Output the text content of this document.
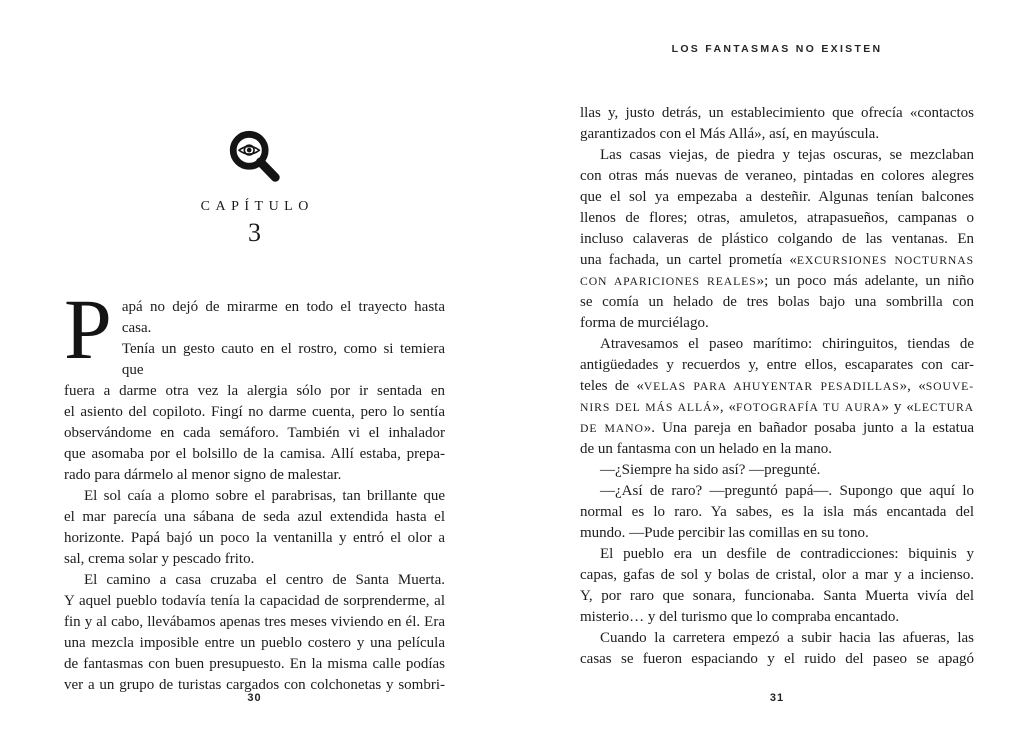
LOS FANTASMAS NO EXISTEN
CAPÍTULO
3
P apá no dejó de mirarme en todo el trayecto hasta casa.
Tenía un gesto cauto en el rostro, como si temiera que
fuera a darme otra vez la alergia sólo por ir sentada en
el asiento del copiloto. Fingí no darme cuenta, pero lo sentía
observándome en cada semáforo. También vi el inhalador
que asomaba por el bolsillo de la camisa. Allí estaba, prepa-
rado para dármelo al menor signo de malestar.
El sol caía a plomo sobre el parabrisas, tan brillante que
el mar parecía una sábana de seda azul extendida hasta el
horizonte. Papá bajó un poco la ventanilla y entró el olor a
sal, crema solar y pescado frito.
El camino a casa cruzaba el centro de Santa Muerta.
Y aquel pueblo todavía tenía la capacidad de sorprenderme, al
fin y al cabo, llevábamos apenas tres meses viviendo en él. Era
una mezcla imposible entre un pueblo costero y una película
de fantasmas con buen presupuesto. En la misma calle podías
ver a un grupo de turistas cargados con colchonetas y sombri-
llas y, justo detrás, un establecimiento que ofrecía «contactos
garantizados con el Más Allá», así, en mayúscula.
Las casas viejas, de piedra y tejas oscuras, se mezclaban
con otras más nuevas de veraneo, pintadas en colores alegres
que el sol ya empezaba a desteñir. Algunas tenían balcones
llenos de flores; otras, amuletos, atrapasueños, campanas o
incluso calaveras de plástico colgando de las ventanas. En
una fachada, un cartel prometía «EXCURSIONES NOCTURNAS
CON APARICIONES REALES»; un poco más adelante, un niño
se comía un helado de tres bolas bajo una sombrilla con
forma de murciélago.
Atravesamos el paseo marítimo: chiringuitos, tiendas de
antigüedades y recuerdos y, entre ellos, escaparates con car-
teles de «VELAS PARA AHUYENTAR PESADILLAS», «SOUVE-
NIRS DEL MÁS ALLÁ», «FOTOGRAFÍA TU AURA» y «LECTURA
DE MANO». Una pareja en bañador posaba junto a la estatua
de un fantasma con un helado en la mano.
—¿Siempre ha sido así? —pregunté.
—¿Así de raro? —preguntó papá—. Supongo que aquí lo
normal es lo raro. Ya sabes, es la isla más encantada del
mundo. —Pude percibir las comillas en su tono.
El pueblo era un desfile de contradicciones: biquinis y
capas, gafas de sol y bolas de cristal, olor a mar y a incienso.
Y, por raro que sonara, funcionaba. Santa Muerta vivía del
misterio… y del turismo que lo compraba encantado.
Cuando la carretera empezó a subir hacia las afueras, las
casas se fueron espaciando y el ruido del paseo se apagó
30	31
